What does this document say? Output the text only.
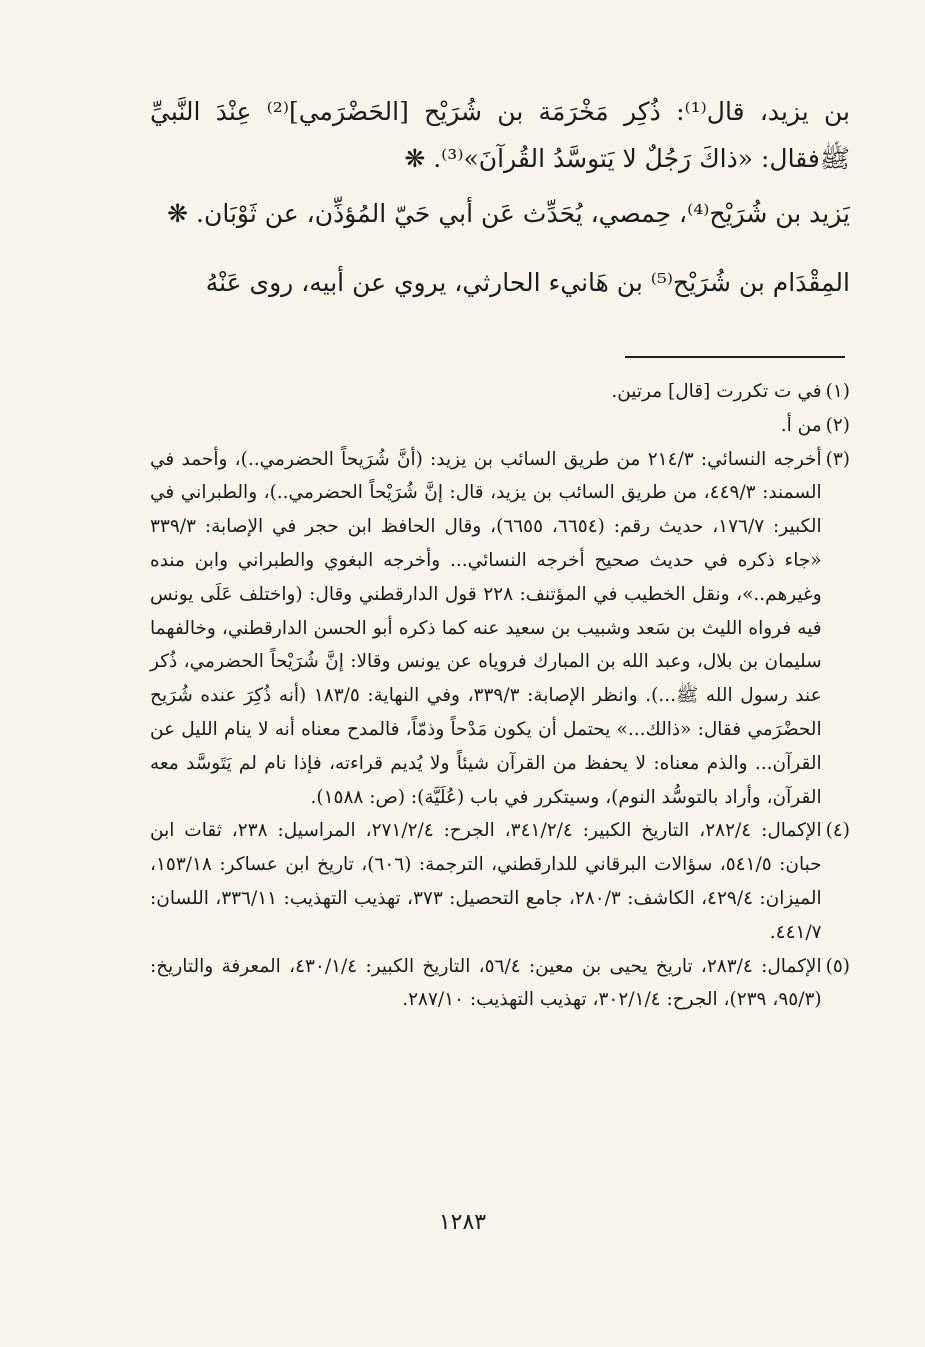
بن يزيد، قال⁽¹⁾: ذُكِر مَخْرَمَة بن شُرَيْح [الحَضْرَمي]⁽²⁾ عِنْدَ النَّبيِّ ﷺفقال: «ذاكَ رَجُلٌ لا يَتوسَّدُ القُرآنَ»⁽³⁾. ❋

يَزيد بن شُرَيْح⁽⁴⁾، حِمصي، يُحَدِّث عَن أبي حَيّ المُؤذِّن، عن ثَوْبَان. ❋

المِقْدَام بن شُرَيْح⁽⁵⁾ بن هَانيء الحارثي، يروي عن أبيه، روى عَنْهُ

(١)
في ت تكررت [قال] مرتين.
(٢)
من أ.
(٣)
أخرجه النسائي: ٢١٤/٣ من طريق السائب بن يزيد: (أنَّ شُرَيحاً الحضرمي..)، وأحمد في السمند: ٤٤٩/٣، من طريق السائب بن يزيد، قال: إنَّ شُرَيْحاً الحضرمي..)، والطبراني في الكبير: ١٧٦/٧، حديث رقم: (٦٦٥٤، ٦٦٥٥)، وقال الحافظ ابن حجر في الإصابة: ٣٣٩/٣ «جاء ذكره في حديث صحيح أخرجه النسائي... وأخرجه البغوي والطبراني وابن منده وغيرهم..»، ونقل الخطيب في المؤتنف: ٢٢٨ قول الدارقطني وقال: (واختلف عَلَى يونس فيه فرواه الليث بن سَعد وشبيب بن سعيد عنه كما ذكره أبو الحسن الدارقطني، وخالفهما سليمان بن بلال، وعبد الله بن المبارك فروياه عن يونس وقالا: إنَّ شُرَيْحاً الحضرمي، ذُكر عند رسول الله ﷺ...). وانظر الإصابة: ٣٣٩/٣، وفي النهاية: ١٨٣/٥ (أنه ذُكِرَ عنده شُرَيح الحضْرَمي فقال: «ذالك...» يحتمل أن يكون مَدْحاً وذمّاً، فالمدح معناه أنه لا ينام الليل عن القرآن... والذم معناه: لا يحفظ من القرآن شيئاً ولا يُديم قراءته، فإذا نام لم يَتَوسَّد معه القرآن، وأراد بالتوسُّد النوم)، وسيتكرر في باب (عُلَيَّة): (ص: ١٥٨٨).
(٤)
الإكمال: ٢٨٢/٤، التاريخ الكبير: ٣٤١/٢/٤، الجرح: ٢٧١/٢/٤، المراسيل: ٢٣٨، ثقات ابن حبان: ٥٤١/٥، سؤالات البرقاني للدارقطني، الترجمة: (٦٠٦)، تاريخ ابن عساكر: ١٥٣/١٨، الميزان: ٤٢٩/٤، الكاشف: ٢٨٠/٣، جامع التحصيل: ٣٧٣، تهذيب التهذيب: ٣٣٦/١١، اللسان: ٤٤١/٧.
(٥)
الإكمال: ٢٨٣/٤، تاريخ يحيى بن معين: ٥٦/٤، التاريخ الكبير: ٤٣٠/١/٤، المعرفة والتاريخ: (٩٥/٣، ٢٣٩)، الجرح: ٣٠٢/١/٤، تهذيب التهذيب: ٢٨٧/١٠.
١٢٨٣
